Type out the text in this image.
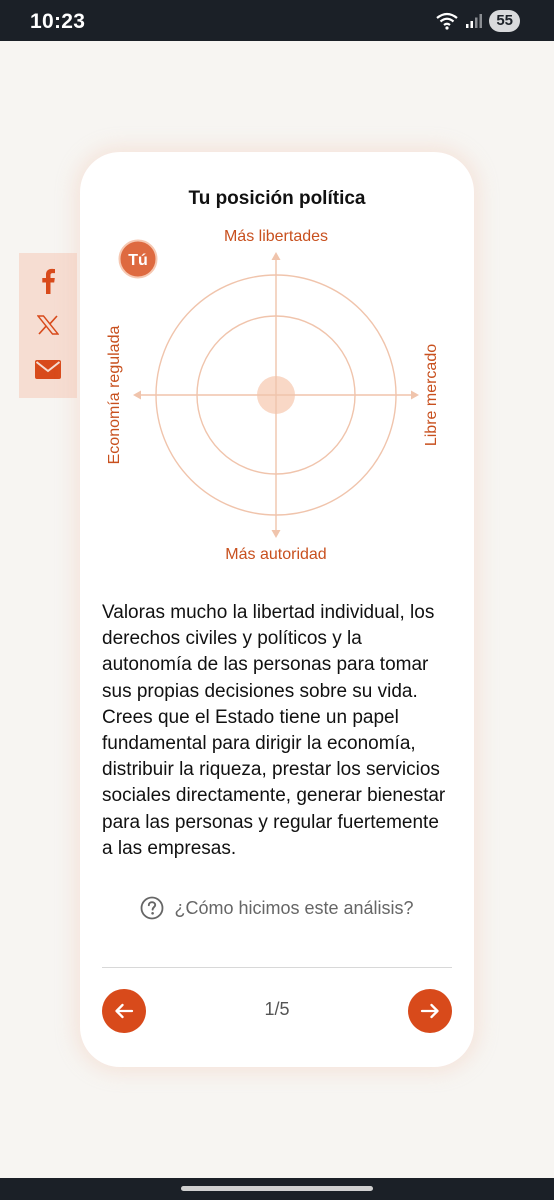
10:23	55
Tu posición política
Más libertades
Más autoridad
Economía regulada	Libre mercado
Tú

Valoras mucho la libertad individual, los derechos civiles y políticos y la autonomía de las personas para tomar sus propias decisiones sobre su vida. Crees que el Estado tiene un papel fundamental para dirigir la economía, distribuir la riqueza, prestar los servicios sociales directamente, generar bienestar para las personas y regular fuertemente a las empresas.

¿Cómo hicimos este análisis?
1/5
